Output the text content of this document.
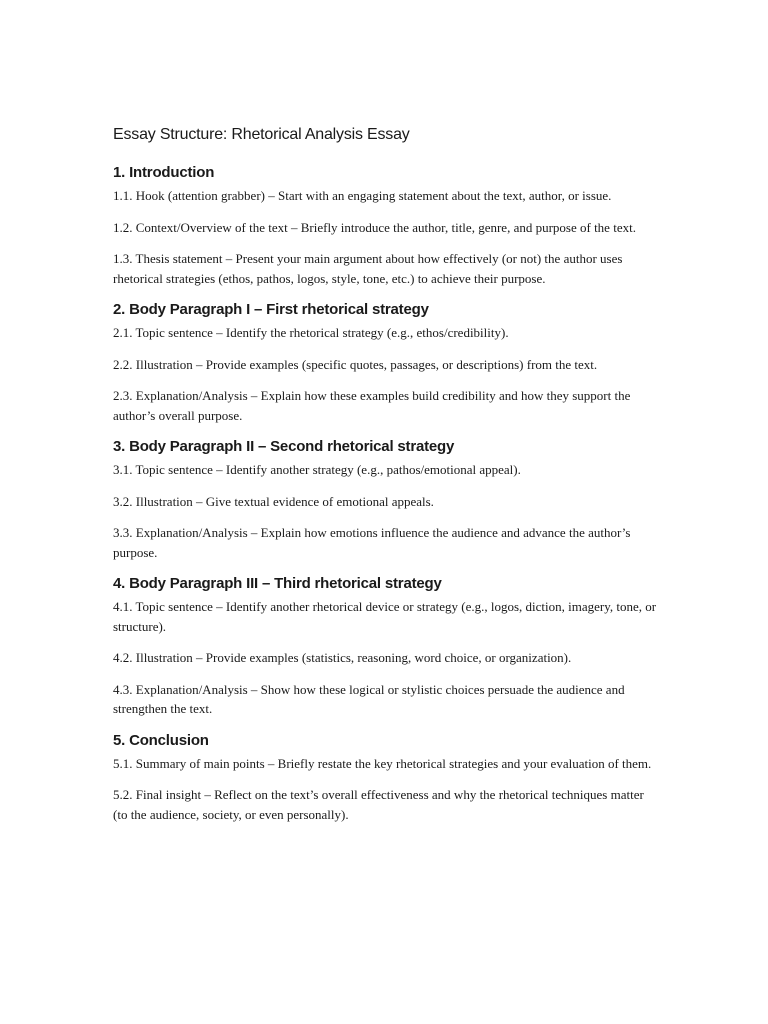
Essay Structure: Rhetorical Analysis Essay
1. Introduction

1.1. Hook (attention grabber) – Start with an engaging statement about the text, author, or issue.

1.2. Context/Overview of the text – Briefly introduce the author, title, genre, and purpose of the text.

1.3. Thesis statement – Present your main argument about how effectively (or not) the author uses rhetorical strategies (ethos, pathos, logos, style, tone, etc.) to achieve their purpose.

2. Body Paragraph I – First rhetorical strategy

2.1. Topic sentence – Identify the rhetorical strategy (e.g., ethos/credibility).

2.2. Illustration – Provide examples (specific quotes, passages, or descriptions) from the text.

2.3. Explanation/Analysis – Explain how these examples build credibility and how they support the author’s overall purpose.

3. Body Paragraph II – Second rhetorical strategy

3.1. Topic sentence – Identify another strategy (e.g., pathos/emotional appeal).

3.2. Illustration – Give textual evidence of emotional appeals.

3.3. Explanation/Analysis – Explain how emotions influence the audience and advance the author’s purpose.

4. Body Paragraph III – Third rhetorical strategy

4.1. Topic sentence – Identify another rhetorical device or strategy (e.g., logos, diction, imagery, tone, or structure).

4.2. Illustration – Provide examples (statistics, reasoning, word choice, or organization).

4.3. Explanation/Analysis – Show how these logical or stylistic choices persuade the audience and strengthen the text.

5. Conclusion

5.1. Summary of main points – Briefly restate the key rhetorical strategies and your evaluation of them.

5.2. Final insight – Reflect on the text’s overall effectiveness and why the rhetorical techniques matter (to the audience, society, or even personally).
